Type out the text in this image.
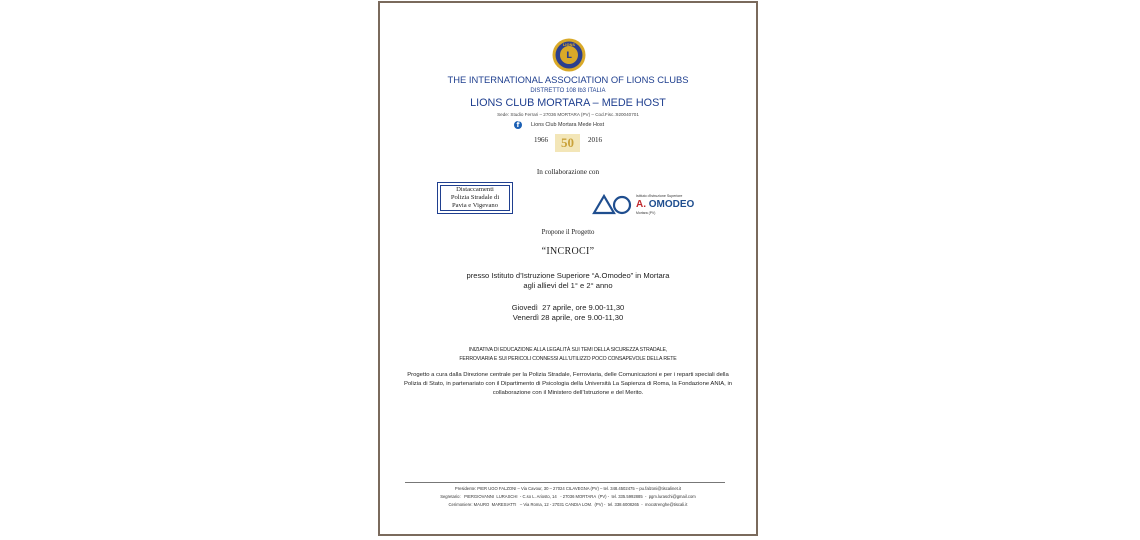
L
LIONS
THE INTERNATIONAL ASSOCIATION OF LIONS CLUBS
DISTRETTO 108 Ib3 ITALIA
LIONS CLUB MORTARA – MEDE HOST
Sede: Studio Ferrari – 27036 MORTARA (PV) – Cod.Fisc.:920040701
f	Lions Club Mortara Mede Host
1966 50 2016
In collaborazione con
Distaccamenti
Polizia Stradale di
Pavia e Vigevano
Istituto d'Istruzione Superiore
A. OMODEO
Mortara (PV)
Propone il Progetto
“INCROCI”
presso Istituto d’Istruzione Superiore “A.Omodeo” in Mortara
agli allievi del 1° e 2° anno
Giovedì  27 aprile, ore 9.00-11,30
Venerdì 28 aprile, ore 9.00-11,30
INIZIATIVA DI EDUCAZIONE ALLA LEGALITÀ SUI TEMI DELLA SICUREZZA STRADALE,
FERROVIARIA E SUI PERICOLI CONNESSI ALL’UTILIZZO POCO CONSAPEVOLE DELLA RETE
Progetto a cura dalla Direzione centrale per la Polizia Stradale, Ferroviaria, delle Comunicazioni e per i reparti speciali della Polizia di Stato, in partenariato con il Dipartimento di Psicologia della Università La Sapienza di Roma, la Fondazione ANIA, in collaborazione con il Ministero dell’Istruzione e del Merito.
Presidente: PIER UGO FALZONI – Via Cavour, 30 – 27024 CILAVEGNA (PV) – tel. 348.4502475 – pu.falzoni@tiscalinet.it
Segretario:   PIERGIOVANNI  LURASCHI  - C.so L. Ariosto, 14   - 27036 MORTARA  (PV) -  tel. 335.5992885  -  pgm.luraschi@gmail.com
Cerimoniere: MAURO  MARESIATTI   – Via Roma, 12 - 27031 CANDIA LOM.  (PV) -  tel. 338.6008265  -  mocotrenghe@tiscali.it
